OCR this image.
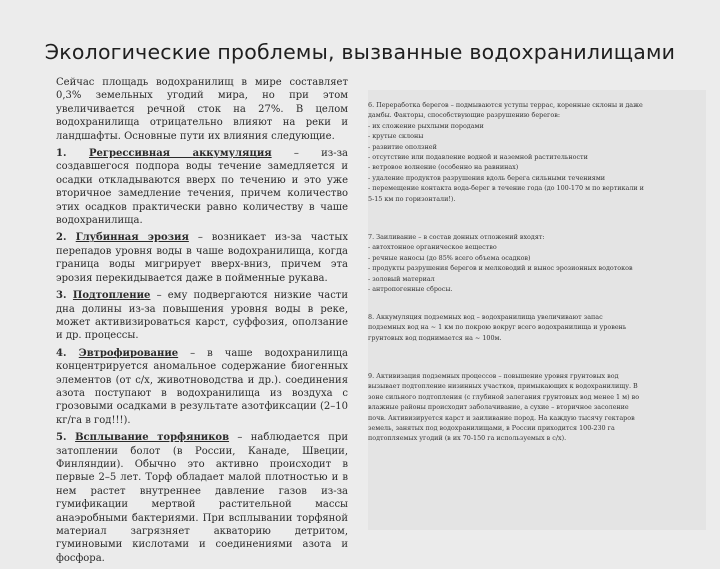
Экологические проблемы, вызванные водохранилищами

Сейчас площадь водохранилищ в мире составляет 0,3% земельных угодий мира, но при этом увеличивается речной сток на 27%. В целом водохранилища отрицательно влияют на реки и ландшафты. Основные пути их влияния следующие.

1. Регрессивная аккумуляция – из-за создавшегося подпора воды течение замедляется и осадки откладываются вверх по течению и это уже вторичное замедление течения, причем количество этих осадков практически равно количеству в чаше водохранилища.

2. Глубинная эрозия – возникает из-за частых перепадов уровня воды в чаше водохранилища, когда граница воды мигрирует вверх-вниз, причем эта эрозия перекидывается даже в пойменные рукава.

3. Подтопление – ему подвергаются низкие части дна долины из-за повышения уровня воды в реке, может активизироваться карст, суффозия, оползание и др. процессы.

4. Эвтрофирование – в чаше водохранилища концентрируется аномальное содержание биогенных элементов (от с/х, животноводства и др.). соединения азота поступают в водохранилища из воздуха с грозовыми осадками в результате азотфиксации (2–10 кг/га в год!!!).

5. Всплывание торфяников – наблюдается при затоплении болот (в России, Канаде, Швеции, Финляндии). Обычно это активно происходит в первые 2–5 лет. Торф обладает малой плотностью и в нем растет внутреннее давление газов из-за гумификации мертвой растительной массы анаэробными бактериями. При всплывании торфяной материал загрязняет акваторию детритом, гуминовыми кислотами и соединениями азота и фосфора.

6. Переработка берегов – подмываются уступы террас, коренные склоны и даже
дамбы. Факторы, способствующие разрушению берегов:
- их сложение рыхлыми породами
- крутые склоны
- развитие оползней
- отсутствие или подавление водной и наземной растительности
- ветровое волнение (особенно на равнинах)
- удаление продуктов разрушения вдоль берега сильными течениями
- перемещение контакта вода-берег в течение года (до 100-170 м по вертикали и
5-15 км по горизонтали!).
7. Заиливание – в состав донных отложений входят:
- автохтонное органическое вещество
- речные наносы (до 85% всего объема осадков)
- продукты разрушения берегов и мелководий и вынос эрозионных водотоков
- золовый материал
- антропогенные сбросы.
8. Аккумуляция подземных вод – водохранилища увеличивают запас
подземных вод на ~ 1 км по покрою вокруг всего водохранилища и уровень
грунтовых вод поднимается на ~ 100м.
9. Активизация подземных процессов – повышение уровня грунтовых вод
вызывает подтопление низинных участков, примыкающих к водохранилищу. В
зоне сильного подтопления (с глубиной залегания грунтовых вод менее 1 м) во
влажные районы происходит заболачивание, а сухие – вторичное засоление
почв. Активизируется карст и заиливание пород. На каждую тысячу гектаров
земель, занятых под водохранилищами, в России приходится 100-230 га
подтопляемых угодий (в их 70-150 га используемых в с/х).
